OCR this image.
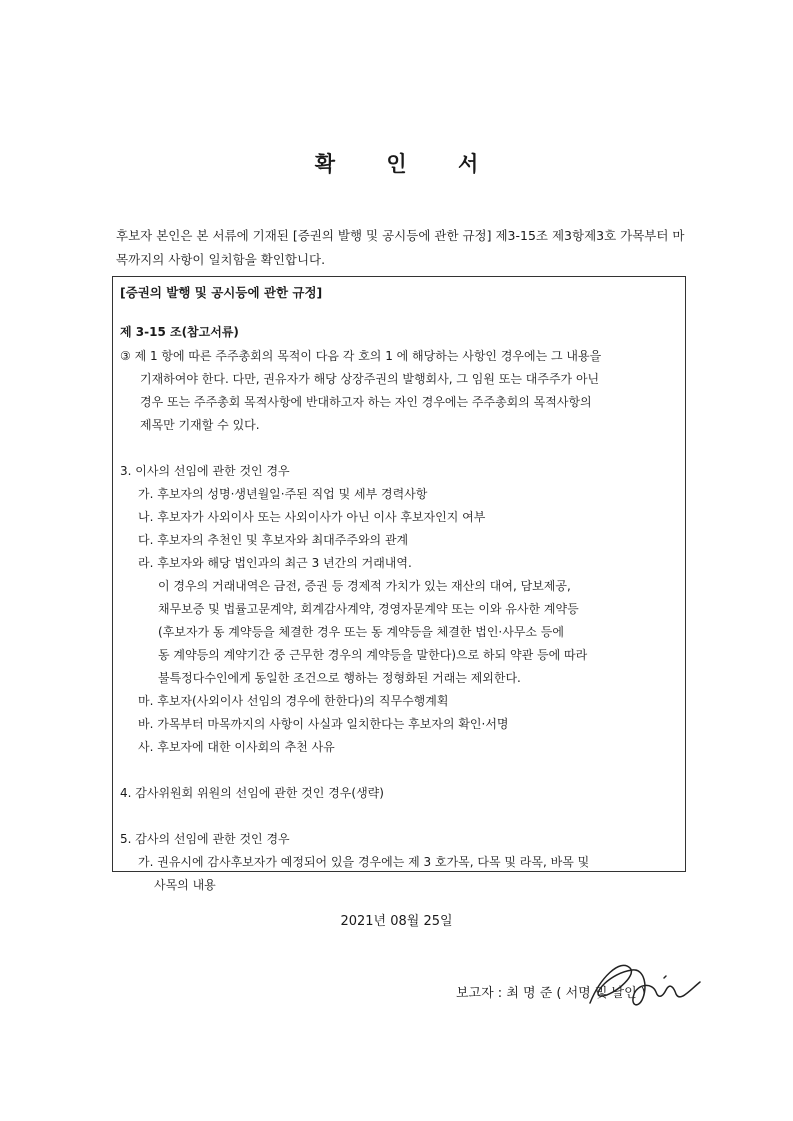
확 인 서
후보자 본인은 본 서류에 기재된 [증권의 발행 및 공시등에 관한 규정] 제3-15조 제3항제3호 가목부터 마목까지의 사항이 일치함을 확인합니다.
[증권의 발행 및 공시등에 관한 규정]
제 3-15 조(참고서류)
③ 제 1 항에 따른 주주총회의 목적이 다음 각 호의 1 에 해당하는 사항인 경우에는 그 내용을
기재하여야 한다. 다만, 권유자가 해당 상장주권의 발행회사, 그 임원 또는 대주주가 아닌
경우 또는 주주총회 목적사항에 반대하고자 하는 자인 경우에는 주주총회의 목적사항의
제목만 기재할 수 있다.
3. 이사의 선임에 관한 것인 경우
가. 후보자의 성명·생년월일·주된 직업 및 세부 경력사항
나. 후보자가 사외이사 또는 사외이사가 아닌 이사 후보자인지 여부
다. 후보자의 추천인 및 후보자와 최대주주와의 관계
라. 후보자와 해당 법인과의 최근 3 년간의 거래내역.
이 경우의 거래내역은 금전, 증권 등 경제적 가치가 있는 재산의 대여, 담보제공,
채무보증 및 법률고문계약, 회계감사계약, 경영자문계약 또는 이와 유사한 계약등
(후보자가 동 계약등을 체결한 경우 또는 동 계약등을 체결한 법인·사무소 등에
동 계약등의 계약기간 중 근무한 경우의 계약등을 말한다)으로 하되 약관 등에 따라
불특정다수인에게 동일한 조건으로 행하는 정형화된 거래는 제외한다.
마. 후보자(사외이사 선임의 경우에 한한다)의 직무수행계획
바. 가목부터 마목까지의 사항이 사실과 일치한다는 후보자의 확인·서명
사. 후보자에 대한 이사회의 추천 사유
4. 감사위원회 위원의 선임에 관한 것인 경우(생략)
5. 감사의 선임에 관한 것인 경우
가. 권유시에 감사후보자가 예정되어 있을 경우에는 제 3 호가목, 다목 및 라목, 바목 및
사목의 내용
2021년 08월 25일
보고자 : 최 명 준 ( 서명 및 날인 )
